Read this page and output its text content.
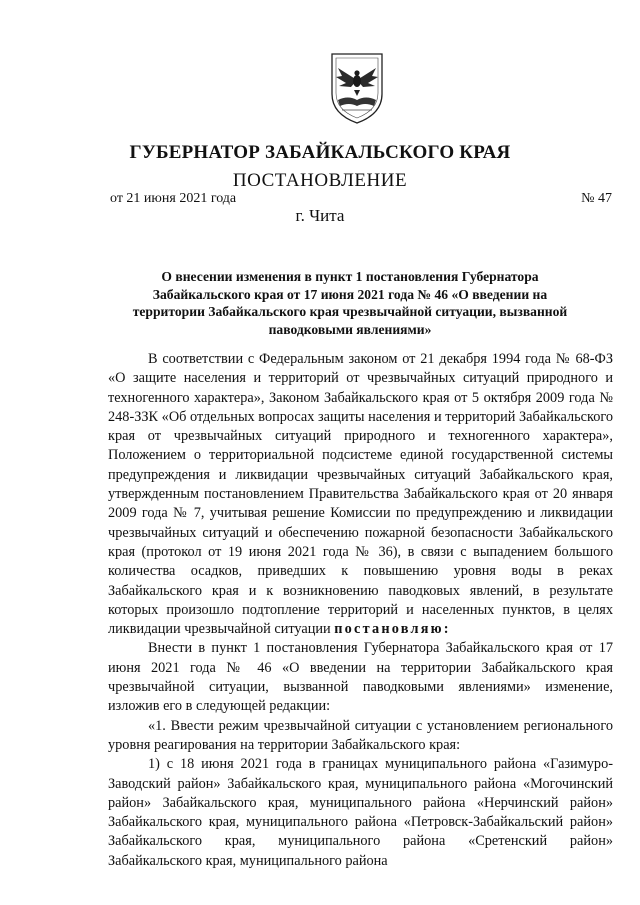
ГУБЕРНАТОР ЗАБАЙКАЛЬСКОГО КРАЯ
ПОСТАНОВЛЕНИЕ
от 21 июня 2021 года	№ 47
г. Чита
О внесении изменения в пункт 1 постановления Губернатора Забайкальского края от 17 июня 2021 года № 46 «О введении на территории Забайкальского края чрезвычайной ситуации, вызванной паводковыми явлениями»

В соответствии с Федеральным законом от 21 декабря 1994 года № 68-ФЗ «О защите населения и территорий от чрезвычайных ситуаций природного и техногенного характера», Законом Забайкальского края от 5 октября 2009 года № 248-ЗЗК «Об отдельных вопросах защиты населения и территорий Забайкальского края от чрезвычайных ситуаций природного и техногенного характера», Положением о территориальной подсистеме единой государственной системы предупреждения и ликвидации чрезвычайных ситуаций Забайкальского края, утвержденным постановлением Правительства Забайкальского края от 20 января 2009 года № 7, учитывая решение Комиссии по предупреждению и ликвидации чрезвычайных ситуаций и обеспечению пожарной безопасности Забайкальского края (протокол от 19 июня 2021 года № 36), в связи с выпадением большого количества осадков, приведших к повышению уровня воды в реках Забайкальского края и к возникновению паводковых явлений, в результате которых произошло подтопление территорий и населенных пунктов, в целях ликвидации чрезвычайной ситуации постановляю:

Внести в пункт 1 постановления Губернатора Забайкальского края от 17 июня 2021 года № 46 «О введении на территории Забайкальского края чрезвычайной ситуации, вызванной паводковыми явлениями» изменение, изложив его в следующей редакции:

«1. Ввести режим чрезвычайной ситуации с установлением регионального уровня реагирования на территории Забайкальского края:

1) с 18 июня 2021 года в границах муниципального района «Газимуро-Заводский район» Забайкальского края, муниципального района «Могочинский район» Забайкальского края, муниципального района «Нерчинский район» Забайкальского края, муниципального района «Петровск-Забайкальский район» Забайкальского края, муниципального района «Сретенский район» Забайкальского края, муниципального района
